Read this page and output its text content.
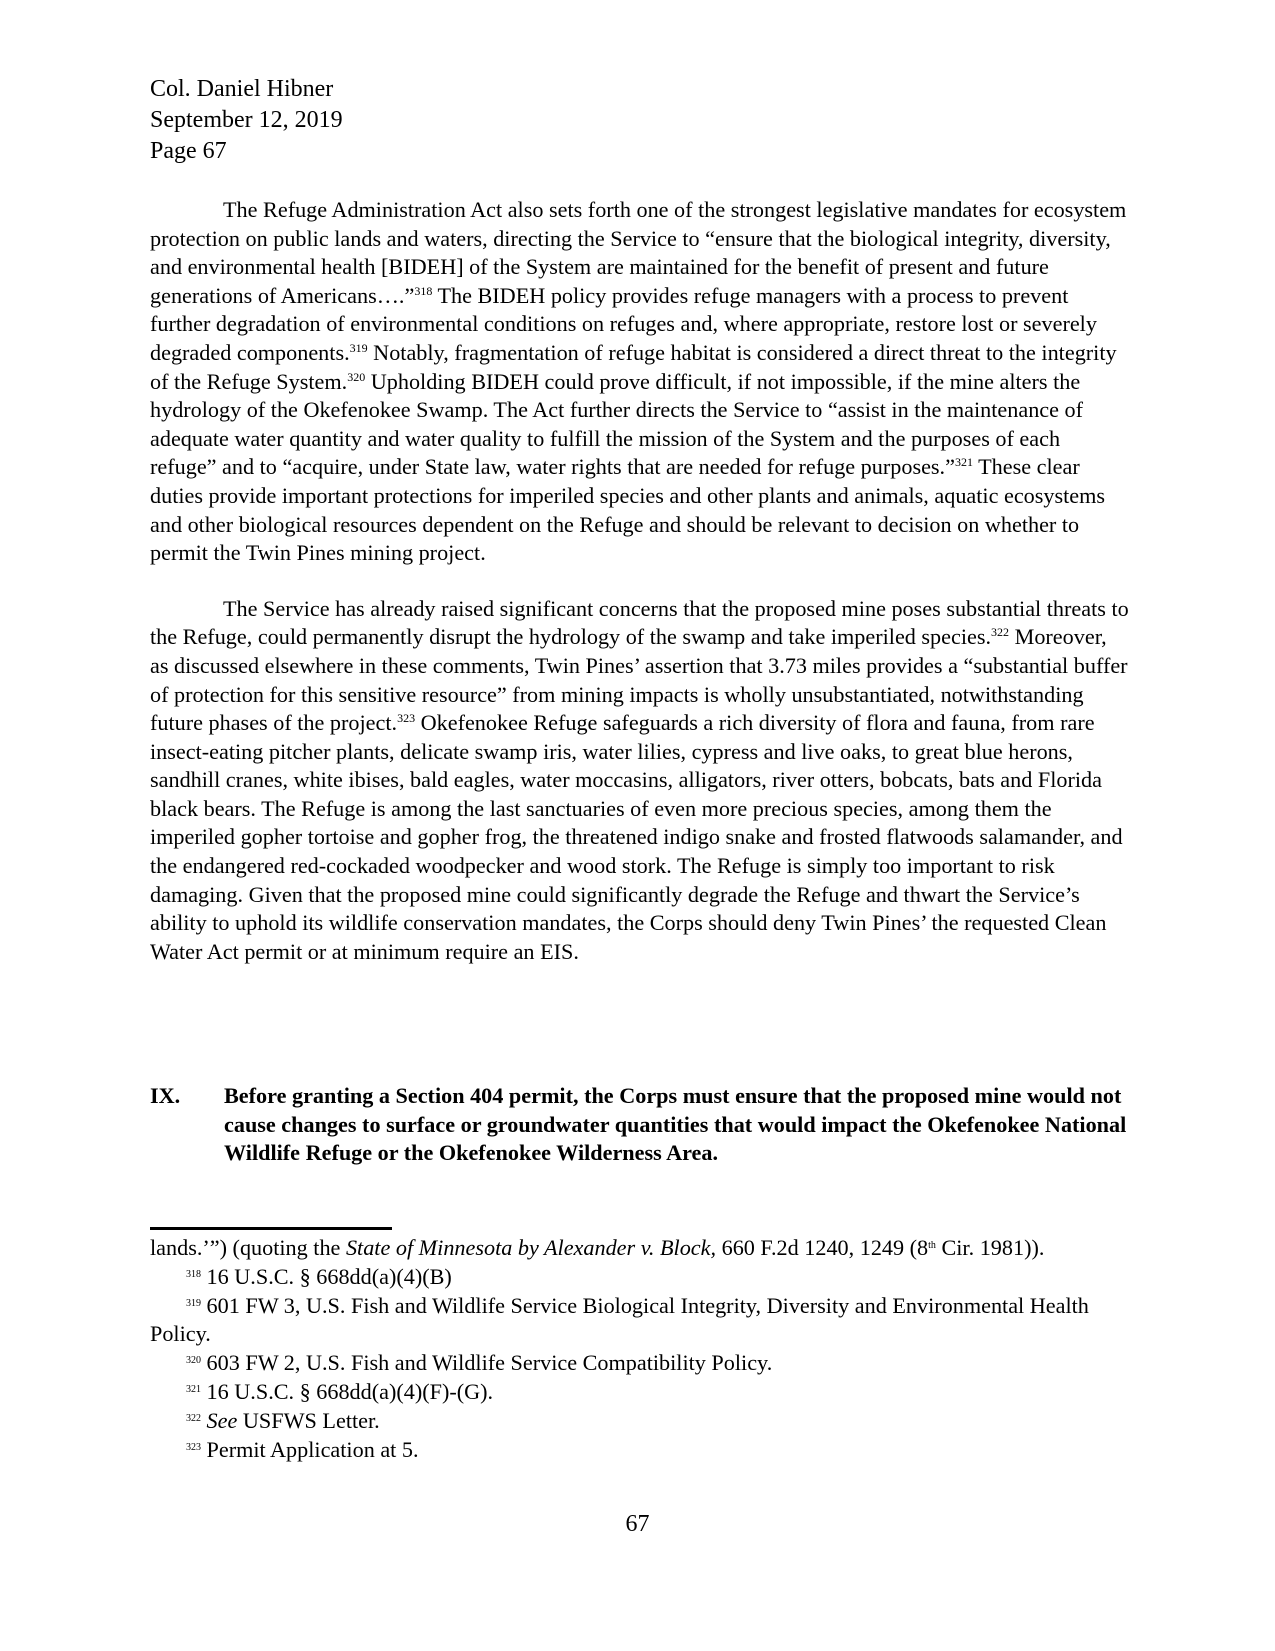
Col. Daniel Hibner
September 12, 2019
Page 67

The Refuge Administration Act also sets forth one of the strongest legislative mandates for ecosystem protection on public lands and waters, directing the Service to “ensure that the biological integrity, diversity, and environmental health [BIDEH] of the System are maintained for the benefit of present and future generations of Americans….”$^{318}$ The BIDEH policy provides refuge managers with a process to prevent further degradation of environmental conditions on refuges and, where appropriate, restore lost or severely degraded components.$^{319}$ Notably, fragmentation of refuge habitat is considered a direct threat to the integrity of the Refuge System.$^{320}$ Upholding BIDEH could prove difficult, if not impossible, if the mine alters the hydrology of the Okefenokee Swamp. The Act further directs the Service to “assist in the maintenance of adequate water quantity and water quality to fulfill the mission of the System and the purposes of each refuge” and to “acquire, under State law, water rights that are needed for refuge purposes.”$^{321}$ These clear duties provide important protections for imperiled species and other plants and animals, aquatic ecosystems and other biological resources dependent on the Refuge and should be relevant to decision on whether to permit the Twin Pines mining project.

The Service has already raised significant concerns that the proposed mine poses substantial threats to the Refuge, could permanently disrupt the hydrology of the swamp and take imperiled species.$^{322}$ Moreover, as discussed elsewhere in these comments, Twin Pines’ assertion that 3.73 miles provides a “substantial buffer of protection for this sensitive resource” from mining impacts is wholly unsubstantiated, notwithstanding future phases of the project.$^{323}$ Okefenokee Refuge safeguards a rich diversity of flora and fauna, from rare insect-eating pitcher plants, delicate swamp iris, water lilies, cypress and live oaks, to great blue herons, sandhill cranes, white ibises, bald eagles, water moccasins, alligators, river otters, bobcats, bats and Florida black bears. The Refuge is among the last sanctuaries of even more precious species, among them the imperiled gopher tortoise and gopher frog, the threatened indigo snake and frosted flatwoods salamander, and the endangered red-cockaded woodpecker and wood stork. The Refuge is simply too important to risk damaging. Given that the proposed mine could significantly degrade the Refuge and thwart the Service’s ability to uphold its wildlife conservation mandates, the Corps should deny Twin Pines’ the requested Clean Water Act permit or at minimum require an EIS.

IX.	Before granting a Section 404 permit, the Corps must ensure that the proposed mine would not cause changes to surface or groundwater quantities that would impact the Okefenokee National Wildlife Refuge or the Okefenokee Wilderness Area.

lands.’”) (quoting the State of Minnesota by Alexander v. Block, 660 F.2d 1240, 1249 (8th Cir. 1981)).

$^{318}$ 16 U.S.C. § 668dd(a)(4)(B)

$^{319}$ 601 FW 3, U.S. Fish and Wildlife Service Biological Integrity, Diversity and Environmental Health Policy.

$^{320}$ 603 FW 2, U.S. Fish and Wildlife Service Compatibility Policy.

$^{321}$ 16 U.S.C. § 668dd(a)(4)(F)-(G).

$^{322}$ See USFWS Letter.

$^{323}$ Permit Application at 5.

67
